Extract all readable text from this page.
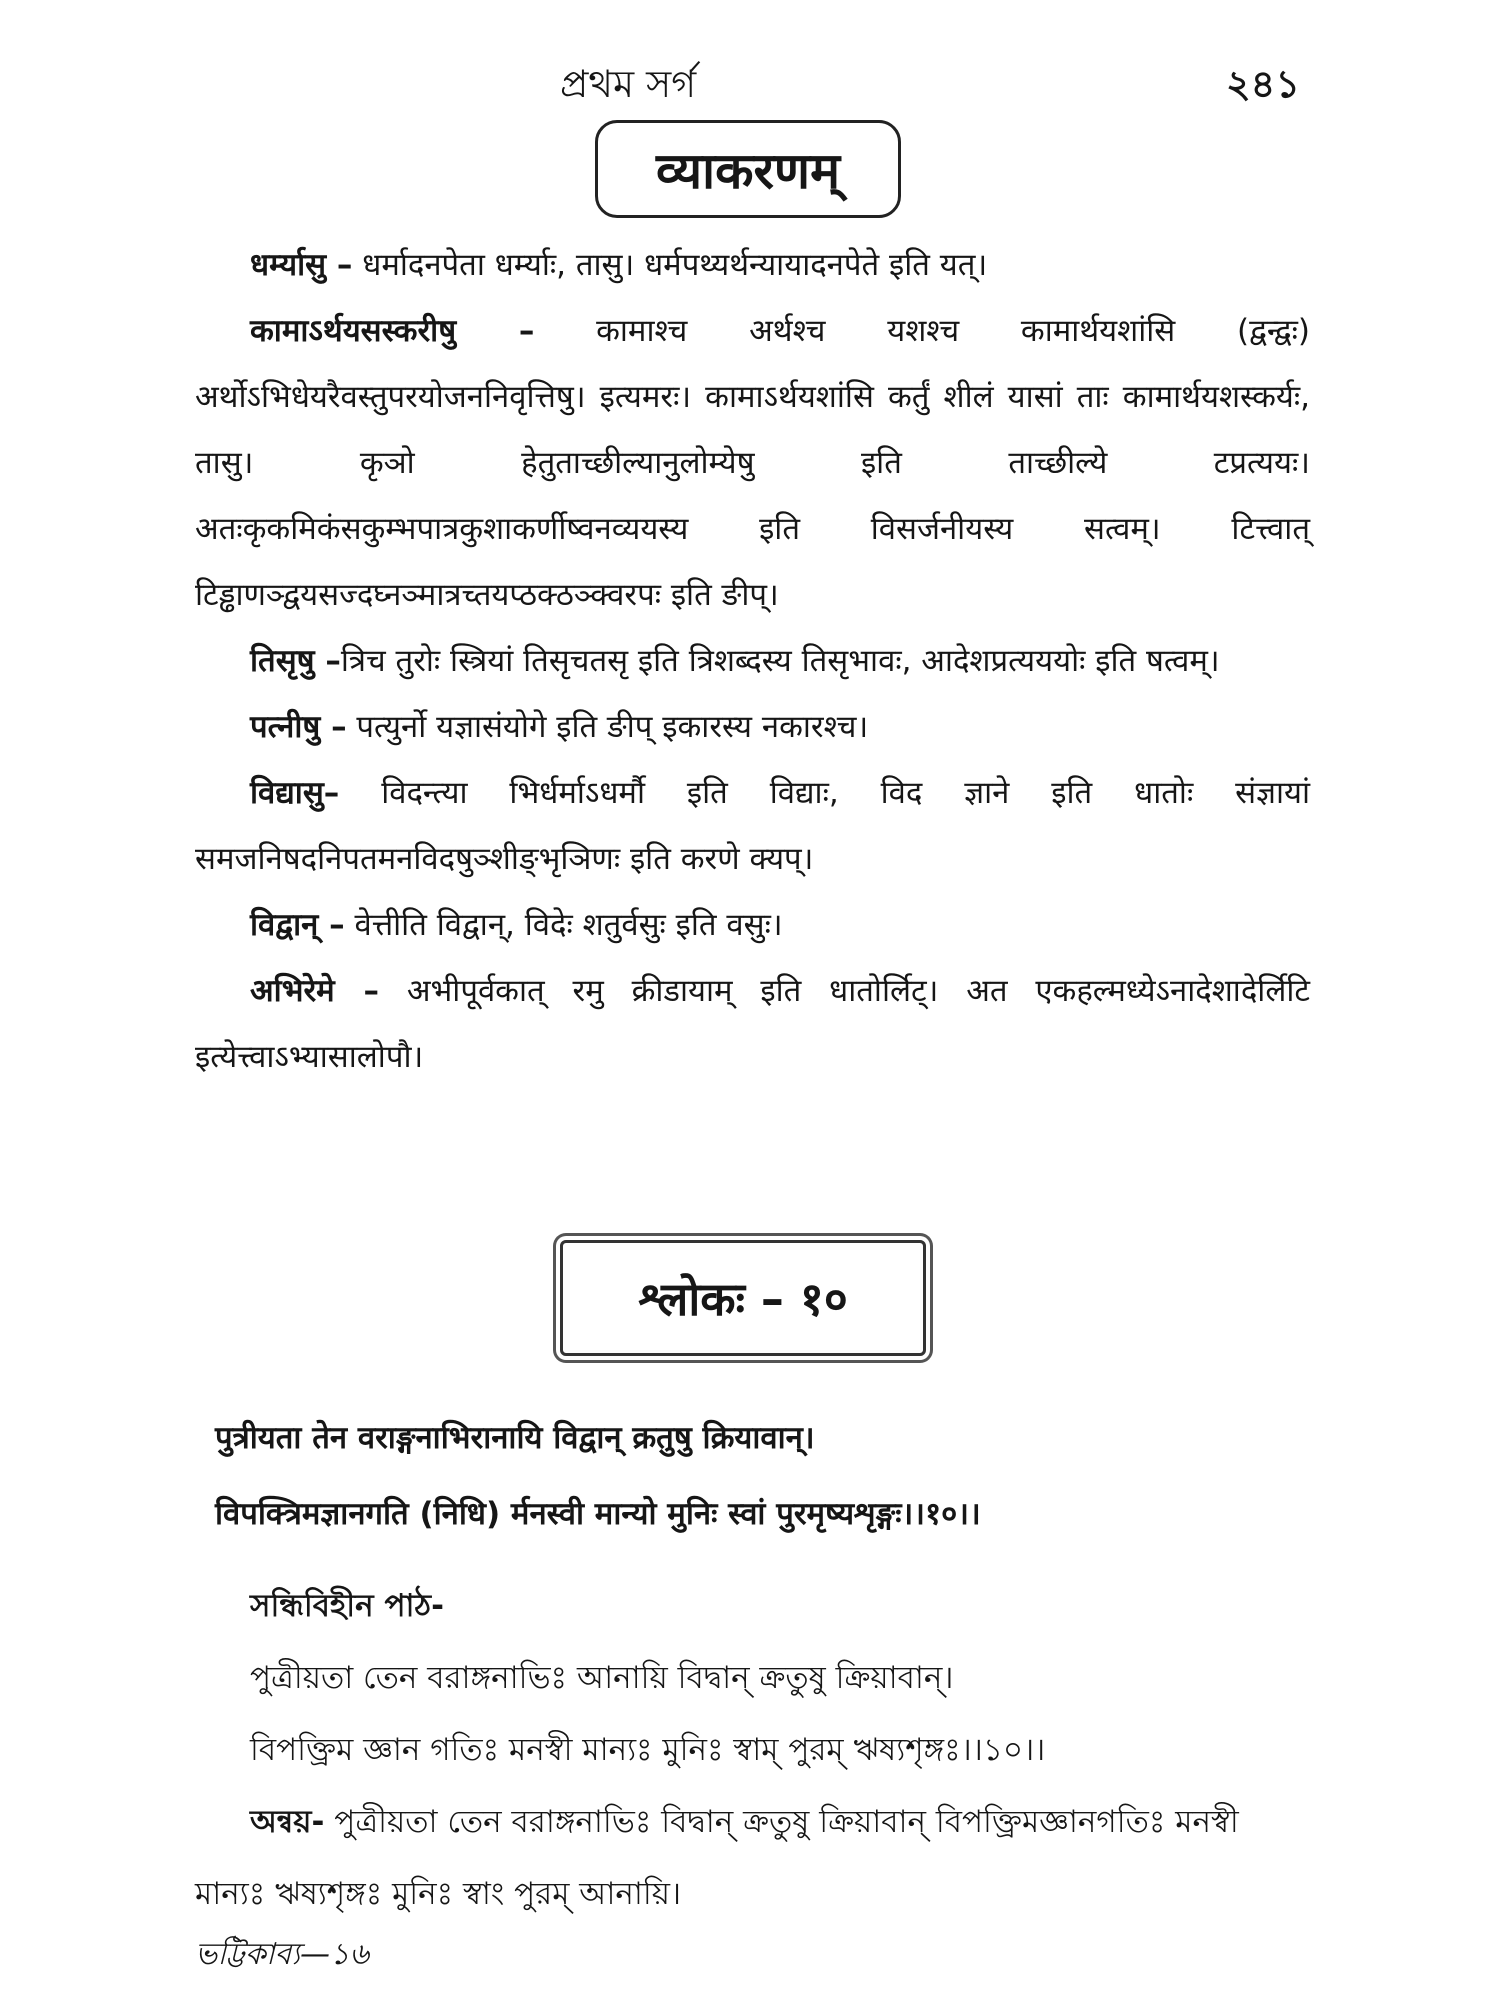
প্রথম সর্গ	২৪১
व्याकरणम्

धर्म्यासु – धर्मादनपेता धर्म्याः, तासु। धर्मपथ्यर्थन्यायादनपेते इति यत्।

कामाऽर्थयसस्करीषु – कामाश्च अर्थश्च यशश्च कामार्थयशांसि (द्वन्द्वः) अर्थोऽभिधेयरैवस्तुपरयोजननिवृत्तिषु। इत्यमरः। कामाऽर्थयशांसि कर्तुं शीलं यासां ताः कामार्थयशस्कर्यः, तासु। कृञो हेतुताच्छील्यानुलोम्येषु इति ताच्छील्ये टप्रत्ययः। अतःकृकमिकंसकुम्भपात्रकुशाकर्णीष्वनव्ययस्य इति विसर्जनीयस्य सत्वम्। टित्त्वात् टिड्ढाणञ्द्वयसज्दघ्नञ्मात्रच्तयप्ठक्ठञ्क्वरपः इति ङीप्।

तिसृषु –त्रिच तुरोः स्त्रियां तिसृचतसृ इति त्रिशब्दस्य तिसृभावः, आदेशप्रत्यययोः इति षत्वम्।

पत्नीषु – पत्युर्नो यज्ञासंयोगे इति ङीप् इकारस्य नकारश्च।

विद्यासु– विदन्त्या भिर्धर्माऽधर्मौ इति विद्याः, विद ज्ञाने इति धातोः संज्ञायां समजनिषदनिपतमनविदषुञ्शीङ्भृञिणः इति करणे क्यप्।

विद्वान् – वेत्तीति विद्वान्, विदेः शतुर्वसुः इति वसुः।

अभिरेमे – अभीपूर्वकात् रमु क्रीडायाम् इति धातोर्लिट्। अत एकहल्मध्येऽनादेशादेर्लिटि इत्येत्त्वाऽभ्यासालोपौ।

श्लोकः – १०

पुत्रीयता तेन वराङ्गनाभिरानायि विद्वान् क्रतुषु क्रियावान्।

विपक्त्रिमज्ञानगति (निधि) र्मनस्वी मान्यो मुनिः स्वां पुरमृष्यशृङ्गः।।१०।।

সন্ধিবিহীন পাঠ-

পুত্রীয়তা তেন বরাঙ্গনাভিঃ আনায়ি বিদ্বান্ ক্রতুষু ক্রিয়াবান্।

বিপক্ত্রিম জ্ঞান গতিঃ মনস্বী মান্যঃ মুনিঃ স্বাম্ পুরম্ ঋষ্যশৃঙ্গঃ।।১০।।

অন্বয়- পুত্রীয়তা তেন বরাঙ্গনাভিঃ বিদ্বান্ ক্রতুষু ক্রিয়াবান্ বিপক্ত্রিমজ্ঞানগতিঃ মনস্বী মান্যঃ ঋষ্যশৃঙ্গঃ মুনিঃ স্বাং পুরম্ আনায়ি।

ভট্টিকাব্য—১৬
